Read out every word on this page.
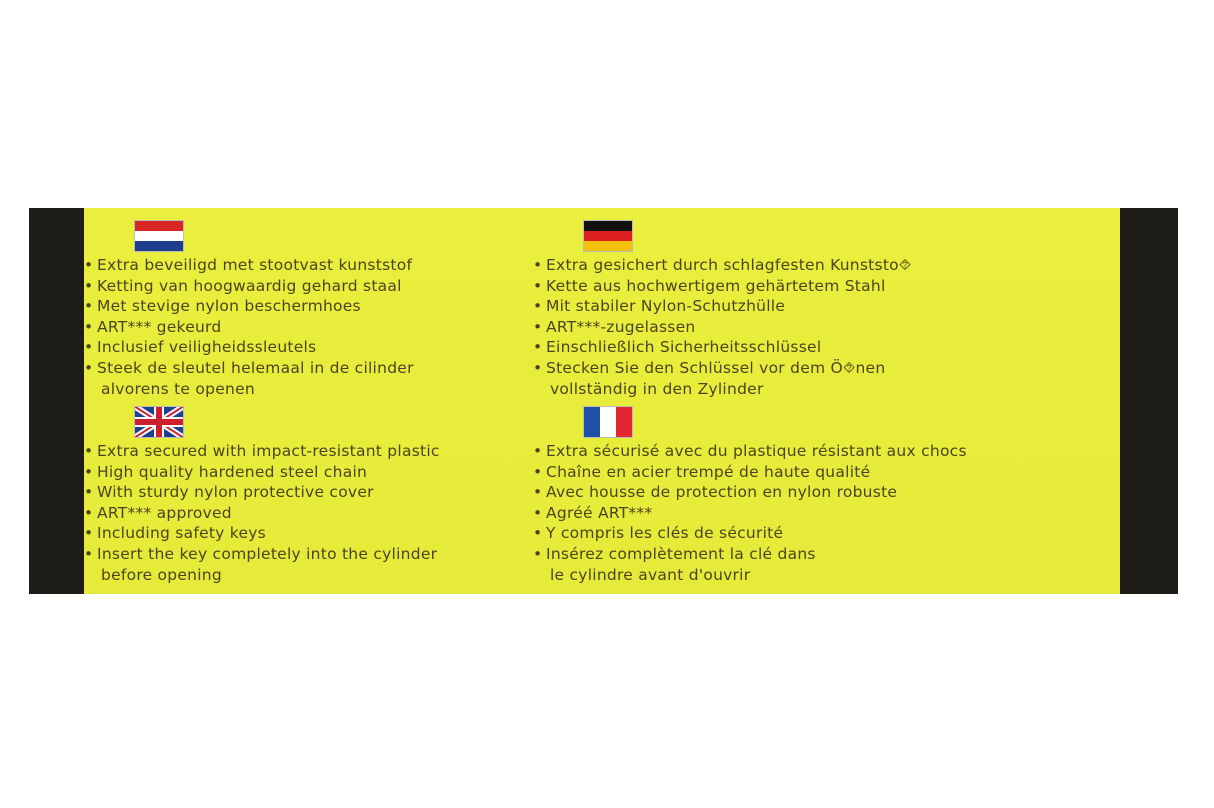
• Extra beveiligd met stootvast kunststof
• Ketting van hoogwaardig gehard staal
• Met stevige nylon beschermhoes
• ART*** gekeurd
• Inclusief veiligheidssleutels
• Steek de sleutel helemaal in de cilinder
alvorens te openen
• Extra gesichert durch schlagfesten Kunststo⯑
• Kette aus hochwertigem gehärtetem Stahl
• Mit stabiler Nylon-Schutzhülle
• ART***-zugelassen
• Einschließlich Sicherheitsschlüssel
• Stecken Sie den Schlüssel vor dem Ö⯑nen
vollständig in den Zylinder
• Extra secured with impact-resistant plastic
• High quality hardened steel chain
• With sturdy nylon protective cover
• ART*** approved
• Including safety keys
• Insert the key completely into the cylinder
before opening
• Extra sécurisé avec du plastique résistant aux chocs
• Chaîne en acier trempé de haute qualité
• Avec housse de protection en nylon robuste
• Agréé ART***
• Y compris les clés de sécurité
• Insérez complètement la clé dans
le cylindre avant d'ouvrir
